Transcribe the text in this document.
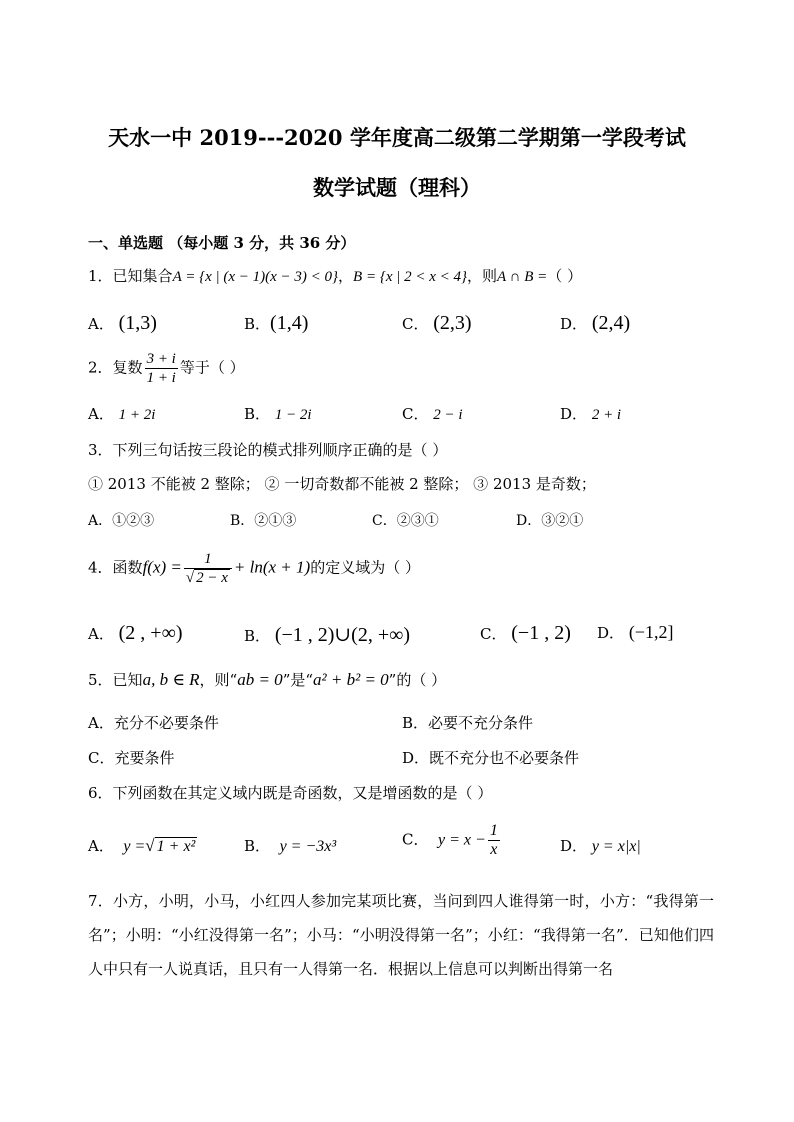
天水一中 2019---2020 学年度高二级第二学期第一学段考试
数学试题（理科）
一、单选题 （每小题 3 分，共 36 分）
1．已知集合A = {x | (x − 1)(x − 3) < 0}，B = {x | 2 < x < 4}，则A ∩ B =（ ）
A． (1,3)	B．(1,4)	C． (2,3)	D． (2,4)
2．复数 $\frac{3 + i}{1 + i}$ 等于（ ）
A． 1 + 2i	B． 1 − 2i	C． 2 − i	D． 2 + i
3．下列三句话按三段论的模式排列顺序正确的是（ ）
① 2013 不能被 2 整除； ② 一切奇数都不能被 2 整除； ③ 2013 是奇数；
A．①②③	B．②①③	C．②③①	D．③②①
4．函数$f(x) = \frac{1}{√ 2 - x} + \ln(x + 1)$的定义域为（ ）
A． (2 , +∞)	B． (−1 , 2)∪(2, +∞)	C． (−1 , 2) D． (−1,2]
5．已知a, b ∈ R，则“ab = 0”是“a² + b² = 0”的（ ）
A．充分不必要条件	B．必要不充分条件
C．充要条件	D．既不充分也不必要条件
6．下列函数在其定义域内既是奇函数，又是增函数的是（ ）
A． y =√ 1 + x²	B． y = −3x³	C． $y = x - \frac{1}{x}$	D． y = x|x|
7．小方，小明，小马，小红四人参加完某项比赛，当问到四人谁得第一时，小方：“我得第一名”；小明：“小红没得第一名”；小马：“小明没得第一名”；小红：“我得第一名”．已知他们四人中只有一人说真话，且只有一人得第一名．根据以上信息可以判断出得第一名
